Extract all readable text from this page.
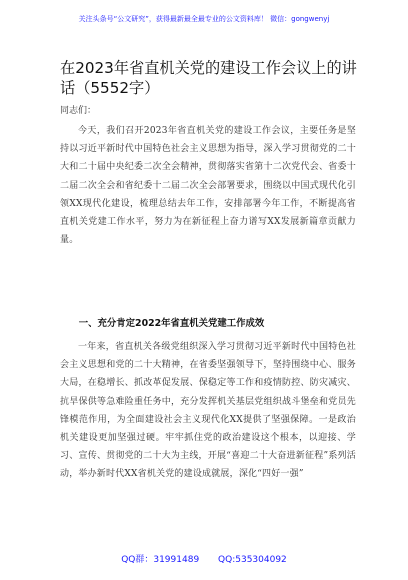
关注头条号“公文研究”，获得最新最全最专业的公文资料库！ 微信：gongwenyj
在2023年省直机关党的建设工作会议上的讲话（5552字）
同志们：

今天，我们召开2023年省直机关党的建设工作会议，主要任务是坚持以习近平新时代中国特色社会主义思想为指导，深入学习贯彻党的二十大和二十届中央纪委二次全会精神，贯彻落实省第十二次党代会、省委十二届二次全会和省纪委十二届二次全会部署要求，围绕以中国式现代化引领XX现代化建设，梳理总结去年工作，安排部署今年工作，不断提高省直机关党建工作水平，努力为在新征程上奋力谱写XX发展新篇章贡献力量。

一、充分肯定2022年省直机关党建工作成效

一年来，省直机关各级党组织深入学习贯彻习近平新时代中国特色社会主义思想和党的二十大精神，在省委坚强领导下，坚持围绕中心、服务大局，在稳增长、抓改革促发展、保稳定等工作和疫情防控、防灾减灾、抗旱保供等急难险重任务中，充分发挥机关基层党组织战斗堡垒和党员先锋模范作用，为全面建设社会主义现代化XX提供了坚强保障。一是政治机关建设更加坚强过硬。牢牢抓住党的政治建设这个根本，以迎接、学习、宣传、贯彻党的二十大为主线，开展“喜迎二十大奋进新征程”系列活动，举办新时代XX省机关党的建设成就展，深化“四好一强”

QQ群：31991489 QQ:535304092
